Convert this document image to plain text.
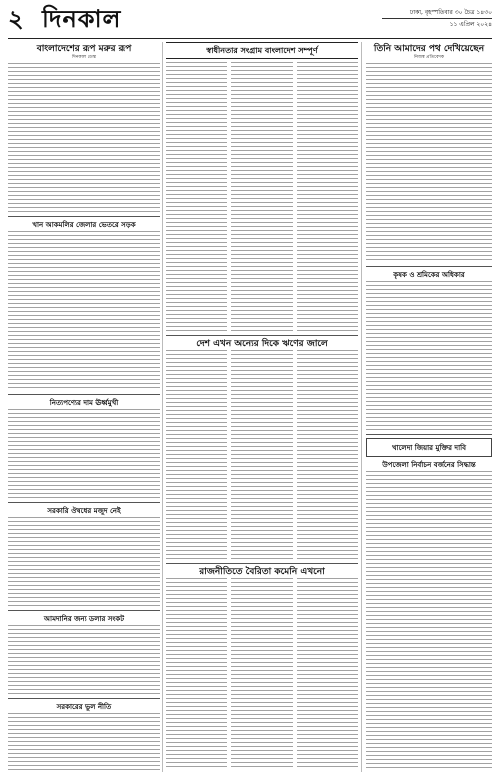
২ দিনকাল	ঢাকা, বৃহস্পতিবার ৩০ চৈত্র ১৪৩০
১১ এপ্রিল ২০২৪
বাংলাদেশের রূপ মরুর রূপ
দিনকাল ডেস্ক
খান আকমলির জেলার ভেতরে সড়ক
নিত্যপণ্যের দাম ঊর্ধ্বমুখী
সরকারি ঔষধের মজুদ নেই
আমদানির জন্য ডলার সংকট
সরকারের ভুল নীতি
স্বাধীনতার সংগ্রাম বাংলাদেশ সম্পূর্ণ
দেশ এখন অন্যের দিকে ঋণের জালে
রাজনীতিতে বৈরিতা কমেনি এখনো
তিনি আমাদের পথ দেখিয়েছেন
নিজস্ব প্রতিবেদক
কৃষক ও শ্রমিকের অধিকার
খালেদা জিয়ার মুক্তির দাবি
উপজেলা নির্বাচন বর্জনের সিদ্ধান্ত
